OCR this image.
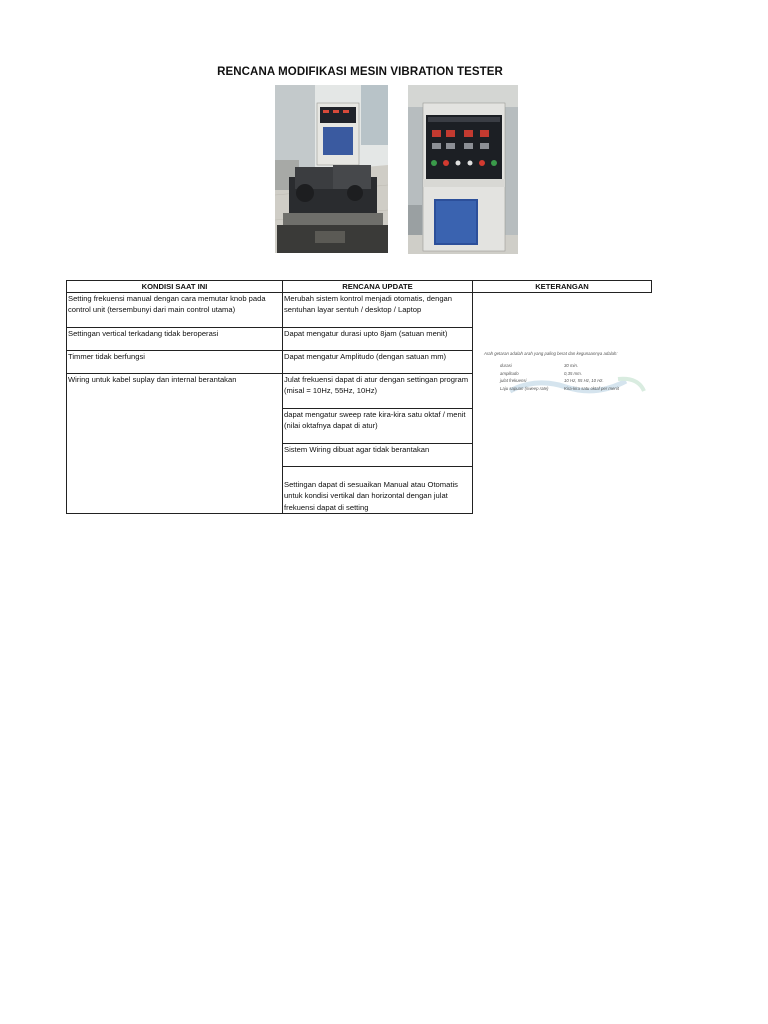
RENCANA MODIFIKASI MESIN VIBRATION TESTER
KONDISI SAAT INI	RENCANA UPDATE	KETERANGAN
Setting frekuensi manual dengan cara memutar knob pada control unit (tersembunyi dari main control utama)	Merubah sistem kontrol menjadi otomatis, dengan sentuhan layar sentuh / desktop / Laptop	
Settingan vertical terkadang tidak beroperasi	Dapat mengatur durasi upto 8jam (satuan menit)	
Timmer tidak berfungsi	Dapat mengatur Amplitudo (dengan satuan mm)	
Wiring untuk kabel suplay dan internal berantakan	Julat frekuensi dapat di atur dengan settingan program (misal = 10Hz, 55Hz, 10Hz)	
	dapat mengatur sweep rate kira-kira satu oktaf / menit (nilai oktafnya dapat di atur)	
	Sistem Wiring dibuat agar tidak berantakan	
	Settingan dapat di sesuaikan Manual atau Otomatis untuk kondisi vertikal dan horizontal dengan julat frekuensi dapat di setting	
Arah getaran adalah arah yang paling berat dan kegunaannya adalah:
durasi	30 min.
amplitudo	0,35 mm.
julat frekuensi	10 Hz, 55 Hz, 10 Hz.
Laju sapuan (sweep rate)	Kira-kira satu oktaf per menit
